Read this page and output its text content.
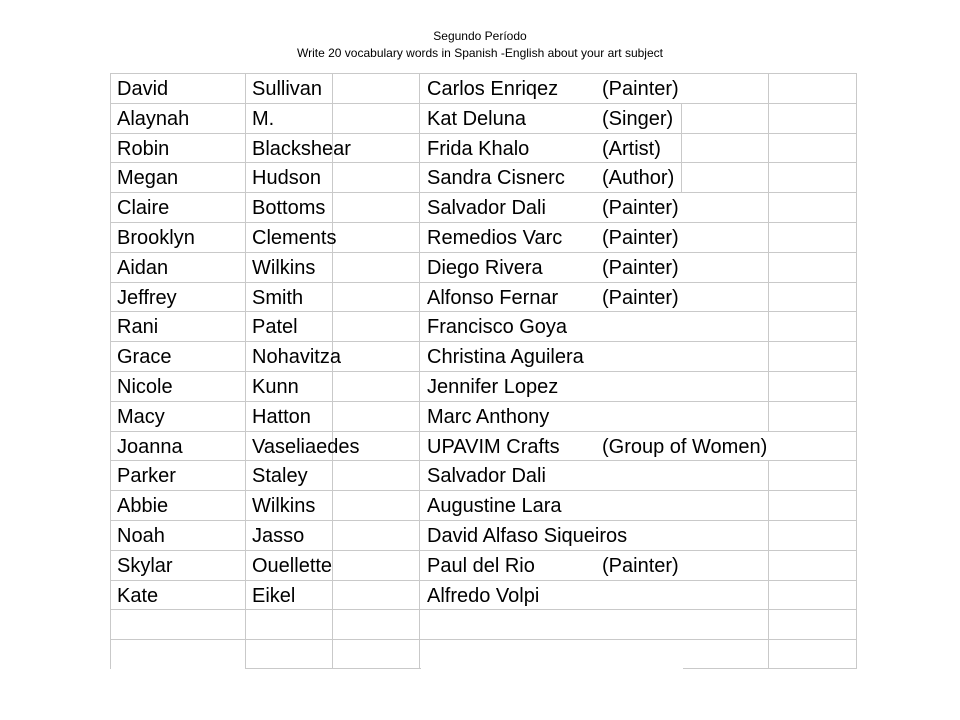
Segundo Período
Write 20 vocabulary words in Spanish -English about your art subject
David	Sullivan	Carlos Enriqez	(Painter)
Alaynah	M.	Kat Deluna	(Singer)
Robin	Blackshear	Frida Khalo	(Artist)
Megan	Hudson	Sandra Cisnerc	(Author)
Claire	Bottoms	Salvador Dali	(Painter)
Brooklyn	Clements	Remedios Varc	(Painter)
Aidan	Wilkins	Diego Rivera	(Painter)
Jeffrey	Smith	Alfonso Fernar	(Painter)
Rani	Patel	Francisco Goya
Grace	Nohavitza	Christina Aguilera
Nicole	Kunn	Jennifer Lopez
Macy	Hatton	Marc Anthony
Joanna	Vaseliaedes	UPAVIM Crafts	(Group of Women)
Parker	Staley	Salvador Dali
Abbie	Wilkins	Augustine Lara
Noah	Jasso	David Alfaso Siqueiros
Skylar	Ouellette	Paul del Rio	(Painter)
Kate	Eikel	Alfredo Volpi
